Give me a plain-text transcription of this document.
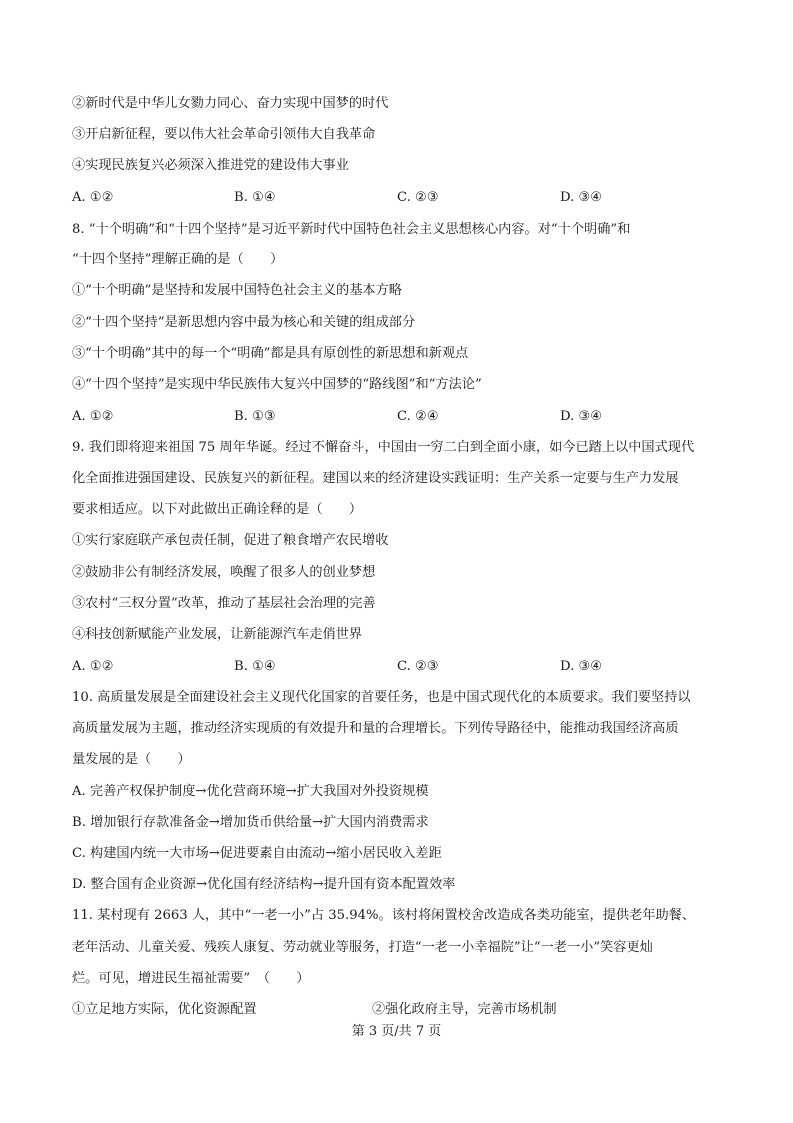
②新时代是中华儿女勠力同心、奋力实现中国梦的时代
③开启新征程，要以伟大社会革命引领伟大自我革命
④实现民族复兴必须深入推进党的建设伟大事业
A. ①②	B. ①④	C. ②③	D. ③④
8. “十个明确”和“十四个坚持”是习近平新时代中国特色社会主义思想核心内容。对“十个明确”和
“十四个坚持”理解正确的是（　　）
①“十个明确”是坚持和发展中国特色社会主义的基本方略
②“十四个坚持”是新思想内容中最为核心和关键的组成部分
③“十个明确”其中的每一个“明确”都是具有原创性的新思想和新观点
④“十四个坚持”是实现中华民族伟大复兴中国梦的“路线图”和“方法论”
A. ①②	B. ①③	C. ②④	D. ③④
9. 我们即将迎来祖国 75 周年华诞。经过不懈奋斗，中国由一穷二白到全面小康，如今已踏上以中国式现代
化全面推进强国建设、民族复兴的新征程。建国以来的经济建设实践证明：生产关系一定要与生产力发展
要求相适应。以下对此做出正确诠释的是（　　）
①实行家庭联产承包责任制，促进了粮食增产农民增收
②鼓励非公有制经济发展，唤醒了很多人的创业梦想
③农村“三权分置”改革，推动了基层社会治理的完善
④科技创新赋能产业发展，让新能源汽车走俏世界
A. ①②	B. ①④	C. ②③	D. ③④
10. 高质量发展是全面建设社会主义现代化国家的首要任务，也是中国式现代化的本质要求。我们要坚持以
高质量发展为主题，推动经济实现质的有效提升和量的合理增长。下列传导路径中，能推动我国经济高质
量发展的是（　　）
A. 完善产权保护制度→优化营商环境→扩大我国对外投资规模
B. 增加银行存款准备金→增加货币供给量→扩大国内消费需求
C. 构建国内统一大市场→促进要素自由流动→缩小居民收入差距
D. 整合国有企业资源→优化国有经济结构→提升国有资本配置效率
11. 某村现有 2663 人，其中“一老一小”占 35.94%。该村将闲置校舍改造成各类功能室，提供老年助餐、
老年活动、儿童关爱、残疾人康复、劳动就业等服务，打造“一老一小幸福院”让“一老一小”笑容更灿
烂。可见，增进民生福祉需要”　（　　）
①立足地方实际，优化资源配置	②强化政府主导，完善市场机制
第 3 页/共 7 页
